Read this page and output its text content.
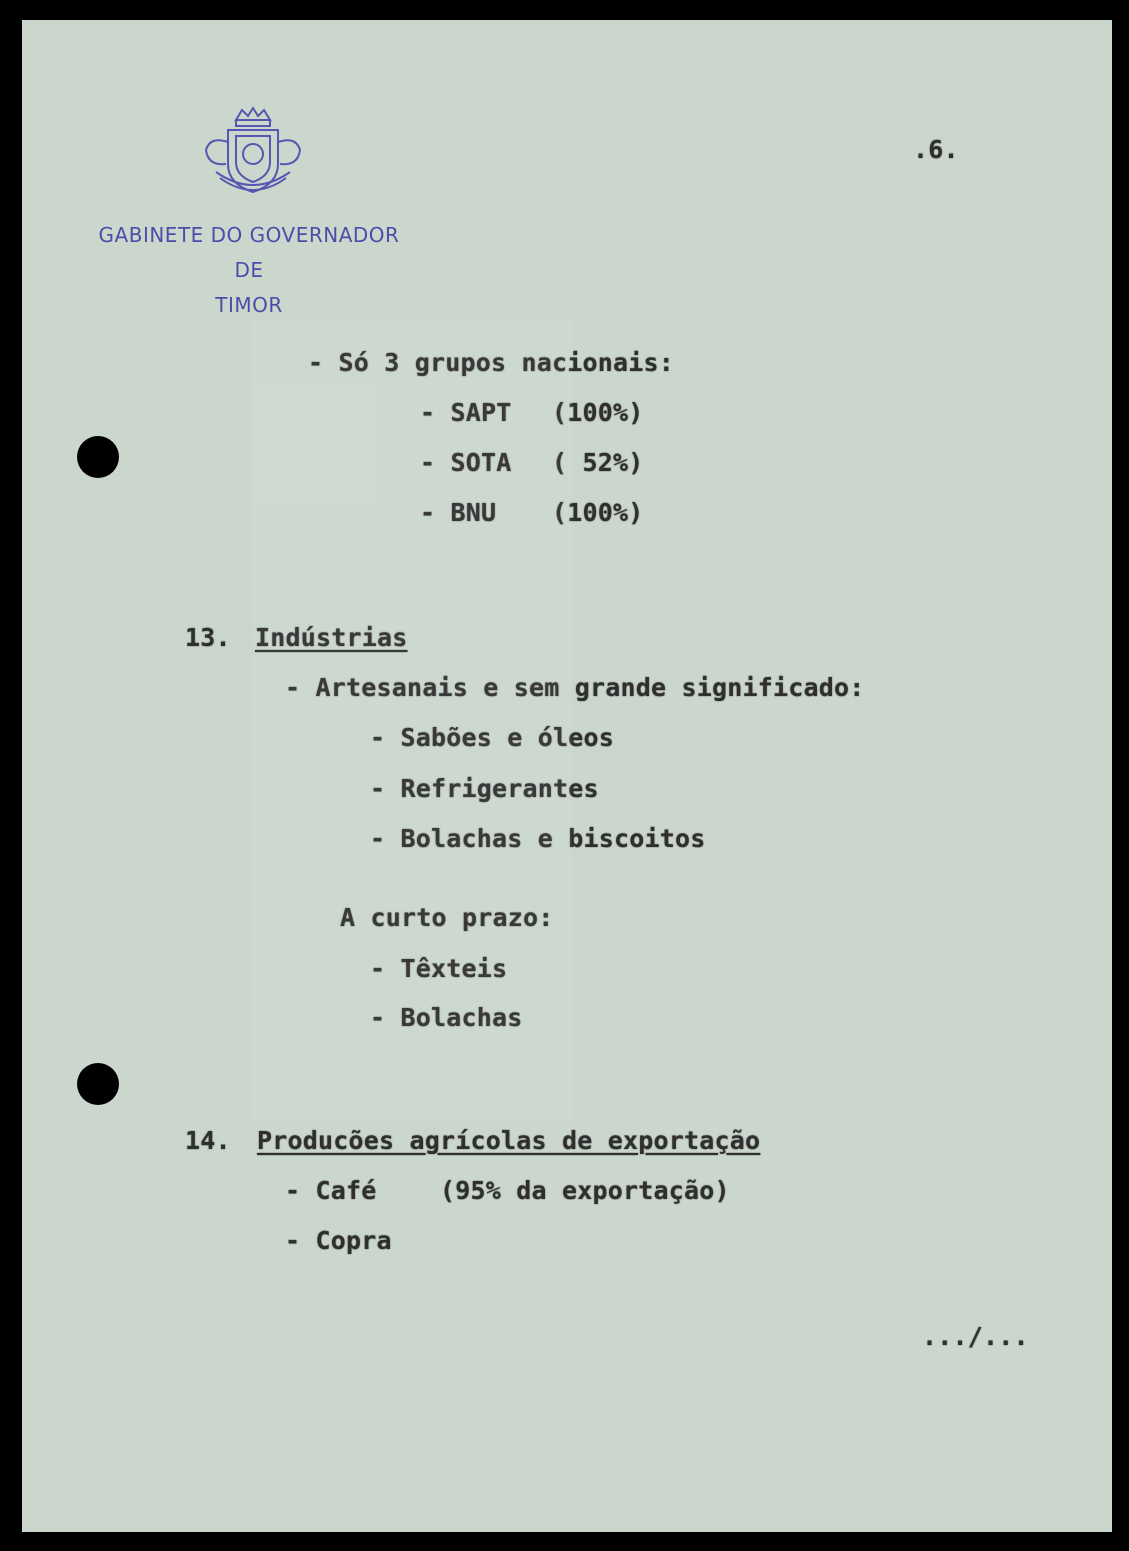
GABINETE DO GOVERNADOR
DE
TIMOR
.6.
- Só 3 grupos nacionais:
- SAPT (100%)
- SOTA ( 52%)
- BNU (100%)
13. Indústrias
- Artesanais e sem grande significado:
- Sabões e óleos
- Refrigerantes
- Bolachas e biscoitos
A curto prazo:
- Têxteis
- Bolachas
14. Producões agrícolas de exportação
- Café	(95% da exportação)
- Copra
.../...
